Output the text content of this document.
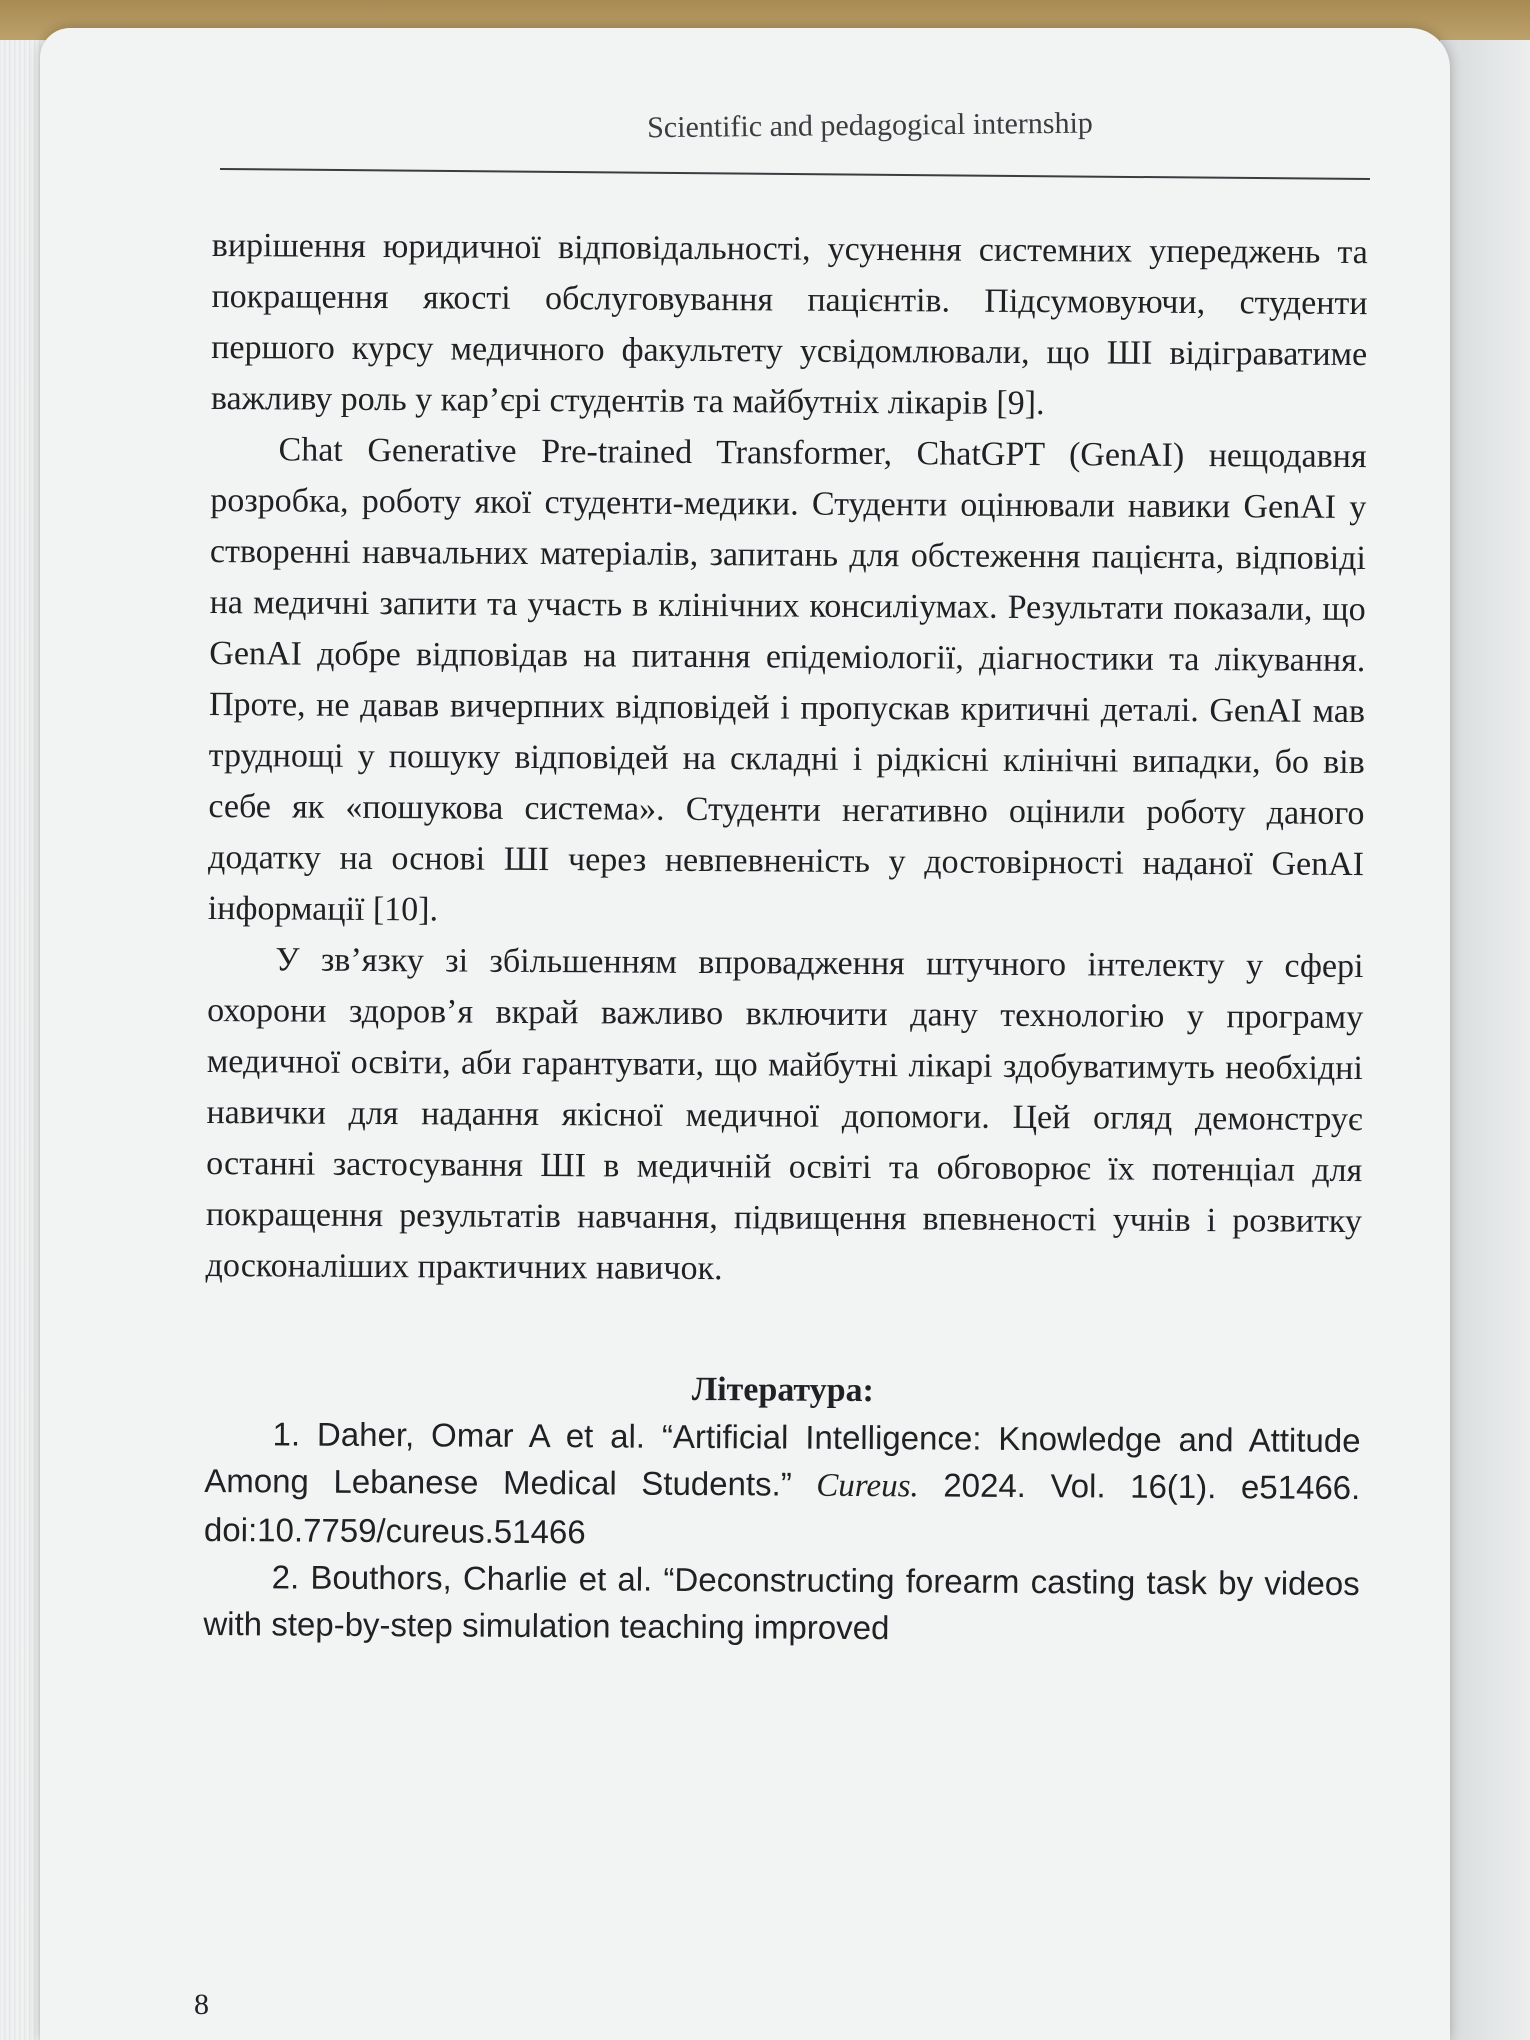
Scientific and pedagogical internship

вирішення юридичної відповідальності, усунення системних упереджень та покращення якості обслуговування пацієнтів. Підсумовуючи, студенти першого курсу медичного факультету усвідомлювали, що ШІ відіграватиме важливу роль у кар’єрі студентів та майбутніх лікарів [9].

Chat Generative Pre-trained Transformer, ChatGPT (GenAI) нещодавня розробка, роботу якої студенти-медики. Студенти оцінювали навики GenAI у створенні навчальних матеріалів, запитань для обстеження пацієнта, відповіді на медичні запити та участь в клінічних консиліумах. Результати показали, що GenAI добре відповідав на питання епідеміології, діагностики та лікування. Проте, не давав вичерпних відповідей і пропускав критичні деталі. GenAI мав труднощі у пошуку відповідей на складні і рідкісні клінічні випадки, бо вів себе як «пошукова система». Студенти негативно оцінили роботу даного додатку на основі ШІ через невпевненість у достовірності наданої GenAI інформації [10].

У зв’язку зі збільшенням впровадження штучного інтелекту у сфері охорони здоров’я вкрай важливо включити дану технологію у програму медичної освіти, аби гарантувати, що майбутні лікарі здобуватимуть необхідні навички для надання якісної медичної допомоги. Цей огляд демонструє останні застосування ШІ в медичній освіті та обговорює їх потенціал для покращення результатів навчання, підвищення впевненості учнів і розвитку досконаліших практичних навичок.

Література:

1. Daher, Omar A et al. “Artificial Intelligence: Knowledge and Attitude Among Lebanese Medical Students.” Cureus. 2024. Vol. 16(1). e51466. doi:10.7759/cureus.51466

2. Bouthors, Charlie et al. “Deconstructing forearm casting task by videos with step-by-step simulation teaching improved

8
